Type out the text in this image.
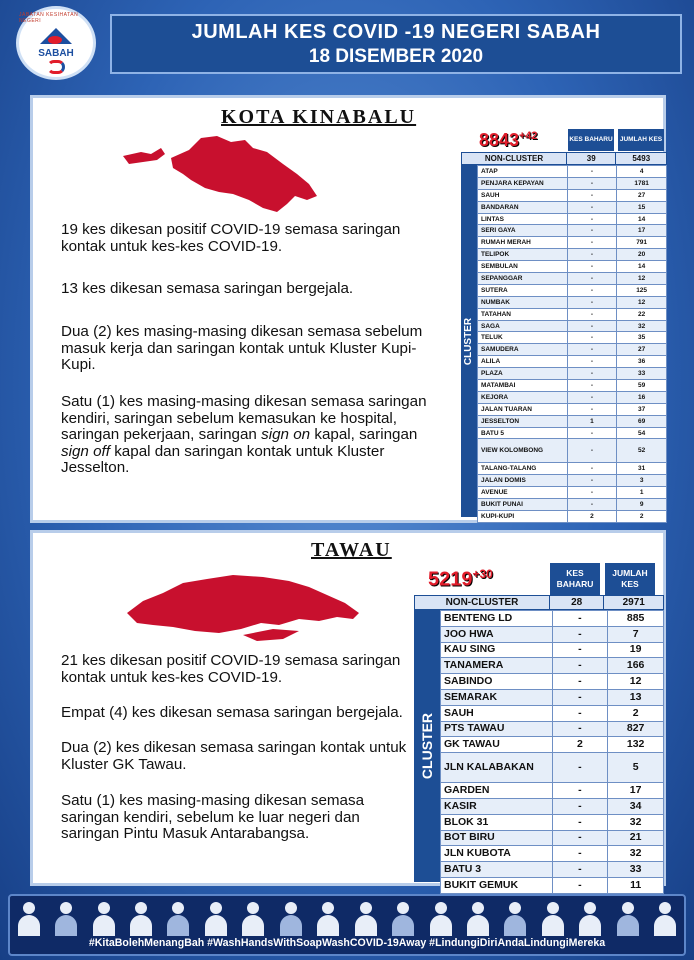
JABATAN KESIHATAN NEGERI
SABAH
JUMLAH KES COVID -19 NEGERI SABAH
18 DISEMBER 2020
KOTA KINABALU
19 kes dikesan positif COVID-19 semasa saringan kontak untuk kes-kes COVID-19.
13 kes dikesan semasa saringan bergejala.
Dua (2) kes masing-masing dikesan semasa sebelum masuk kerja dan saringan kontak untuk Kluster Kupi-Kupi.
Satu (1) kes masing-masing dikesan semasa saringan kendiri, saringan sebelum kemasukan ke hospital, saringan pekerjaan, saringan sign on kapal, saringan sign off kapal dan saringan kontak untuk Kluster Jesselton.
$8843^{+42}$	KES BAHARU JUMLAH KES
NON-CLUSTER	39	5493
CLUSTER
ATAP	-	4
PENJARA KEPAYAN	-	1781
SAUH	-	27
BANDARAN	-	15
LINTAS	-	14
SERI GAYA	-	17
RUMAH MERAH	-	791
TELIPOK	-	20
SEMBULAN	-	14
SEPANGGAR	-	12
SUTERA	-	125
NUMBAK	-	12
TATAHAN	-	22
SAGA	-	32
TELUK	-	35
SAMUDERA	-	27
ALILA	-	36
PLAZA	-	33
MATAMBAI	-	59
KEJORA	-	16
JALAN TUARAN	-	37
JESSELTON	1	69
BATU 5	-	54
VIEW KOLOMBONG	-	52
TALANG-TALANG	-	31
JALAN DOMIS	-	3
AVENUE	-	1
BUKIT PUNAI	-	9
KUPI-KUPI	2	2
TAWAU
21 kes dikesan positif COVID-19 semasa saringan kontak untuk kes-kes COVID-19.
Empat (4) kes dikesan semasa saringan bergejala.
Dua (2) kes dikesan semasa saringan kontak untuk Kluster GK Tawau.
Satu (1) kes masing-masing dikesan semasa saringan kendiri, sebelum ke luar negeri dan saringan Pintu Masuk Antarabangsa.
$5219^{+30}$	KES BAHARU
JUMLAH KES
NON-CLUSTER	28	2971
CLUSTER
BENTENG LD	-	885
JOO HWA	-	7
KAU SING	-	19
TANAMERA	-	166
SABINDO	-	12
SEMARAK	-	13
SAUH	-	2
PTS TAWAU	-	827
GK TAWAU	2	132
JLN KALABAKAN	-	5
GARDEN	-	17
KASIR	-	34
BLOK 31	-	32
BOT BIRU	-	21
JLN KUBOTA	-	32
BATU 3	-	33
BUKIT GEMUK	-	11
#KitaBolehMenangBah #WashHandsWithSoapWashCOVID-19Away #LindungiDiriAndaLindungiMereka
